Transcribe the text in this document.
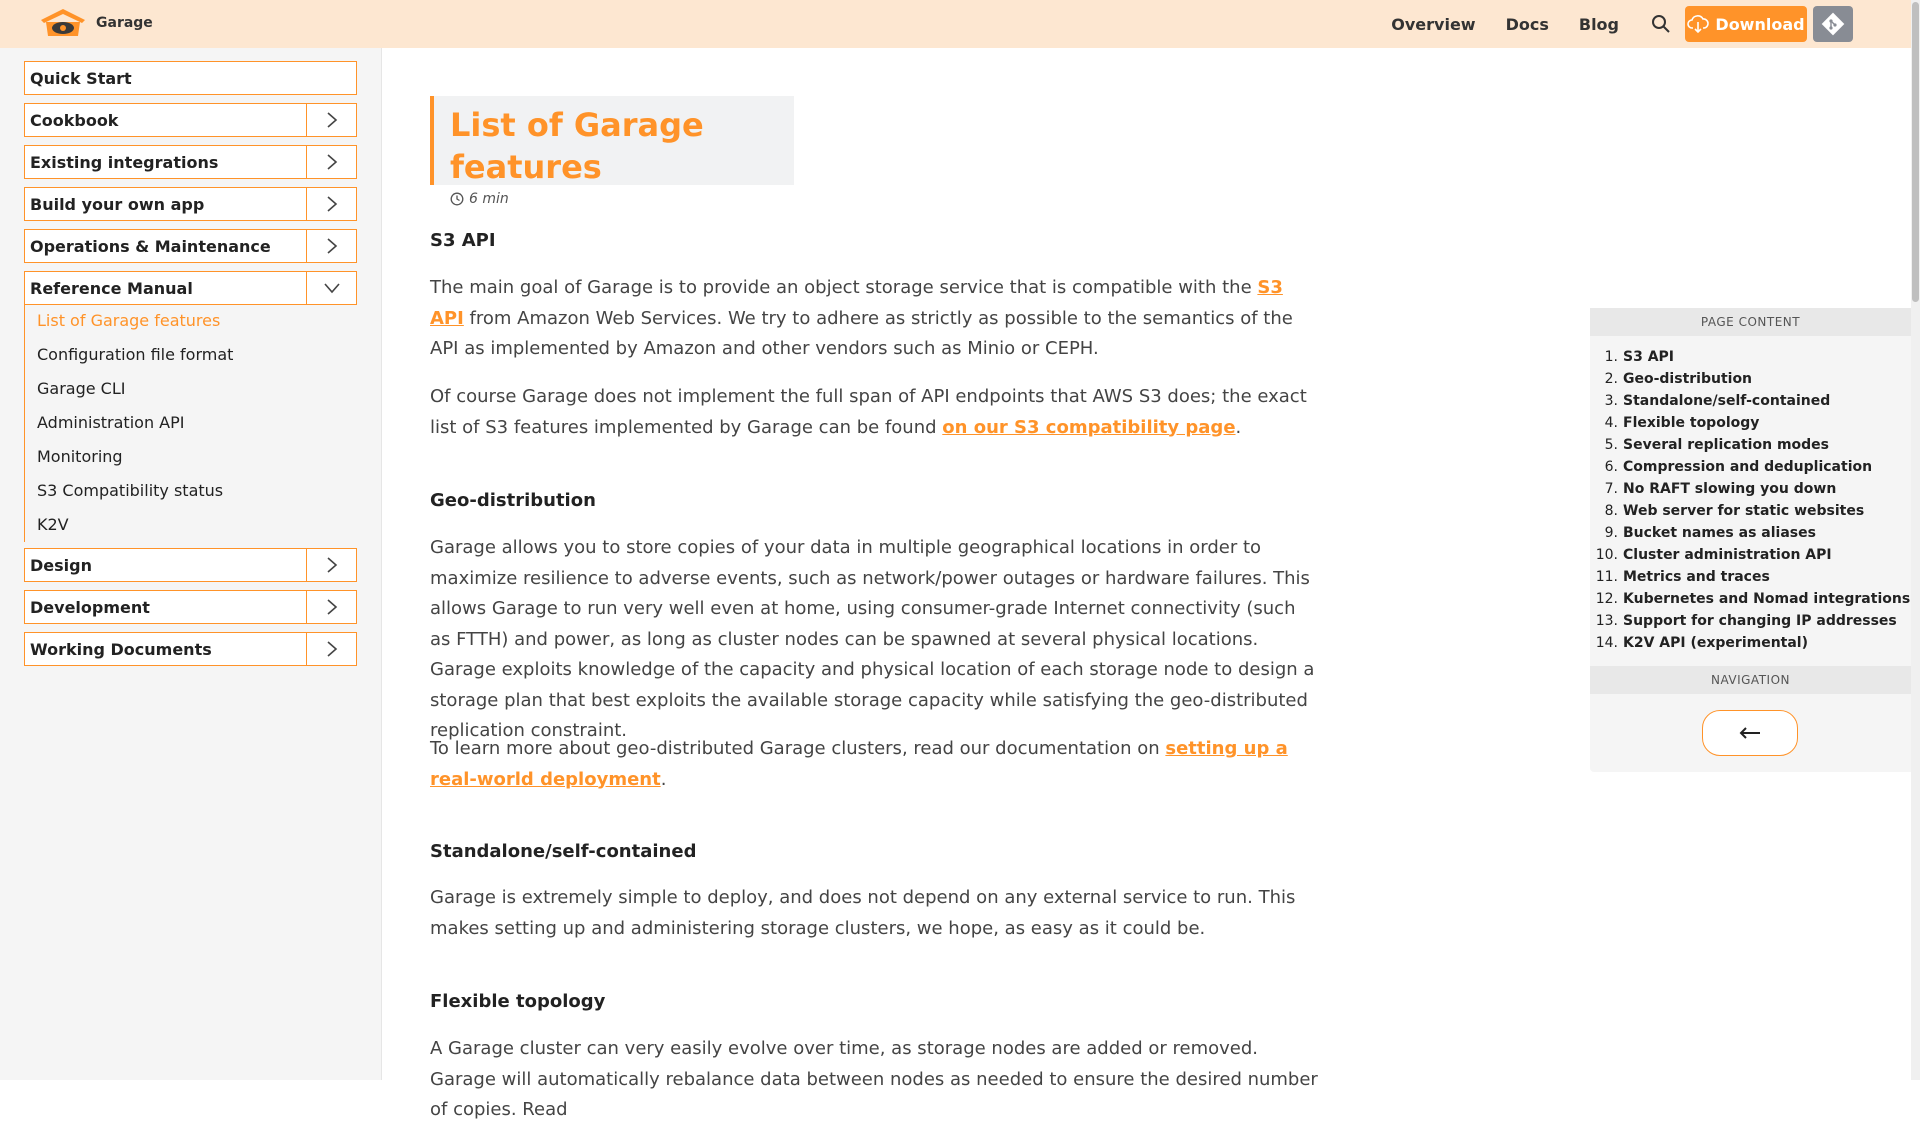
Garage	Overview Docs Blog	Download
Quick Start
Cookbook
Existing integrations
Build your own app
Operations & Maintenance
Reference Manual
List of Garage features
Configuration file format
Garage CLI
Administration API
Monitoring
S3 Compatibility status
K2V
Design
Development
Working Documents
List of Garage features
6 min
S3 API

The main goal of Garage is to provide an object storage service that is compatible with the S3 API from Amazon Web Services. We try to adhere as strictly as possible to the semantics of the API as implemented by Amazon and other vendors such as Minio or CEPH.

Of course Garage does not implement the full span of API endpoints that AWS S3 does; the exact list of S3 features implemented by Garage can be found on our S3 compatibility page.

Geo-distribution

Garage allows you to store copies of your data in multiple geographical locations in order to maximize resilience to adverse events, such as network/power outages or hardware failures. This allows Garage to run very well even at home, using consumer-grade Internet connectivity (such as FTTH) and power, as long as cluster nodes can be spawned at several physical locations. Garage exploits knowledge of the capacity and physical location of each storage node to design a storage plan that best exploits the available storage capacity while satisfying the geo-distributed replication constraint.

To learn more about geo-distributed Garage clusters, read our documentation on setting up a real-world deployment.

Standalone/self-contained

Garage is extremely simple to deploy, and does not depend on any external service to run. This makes setting up and administering storage clusters, we hope, as easy as it could be.

Flexible topology

A Garage cluster can very easily evolve over time, as storage nodes are added or removed. Garage will automatically rebalance data between nodes as needed to ensure the desired number of copies. Read

PAGE CONTENT
1. S3 API
2. Geo-distribution
3. Standalone/self-contained
4. Flexible topology
5. Several replication modes
6. Compression and deduplication
7. No RAFT slowing you down
8. Web server for static websites
9. Bucket names as aliases
10. Cluster administration API
11. Metrics and traces
12. Kubernetes and Nomad integrations
13. Support for changing IP addresses
14. K2V API (experimental)
NAVIGATION
